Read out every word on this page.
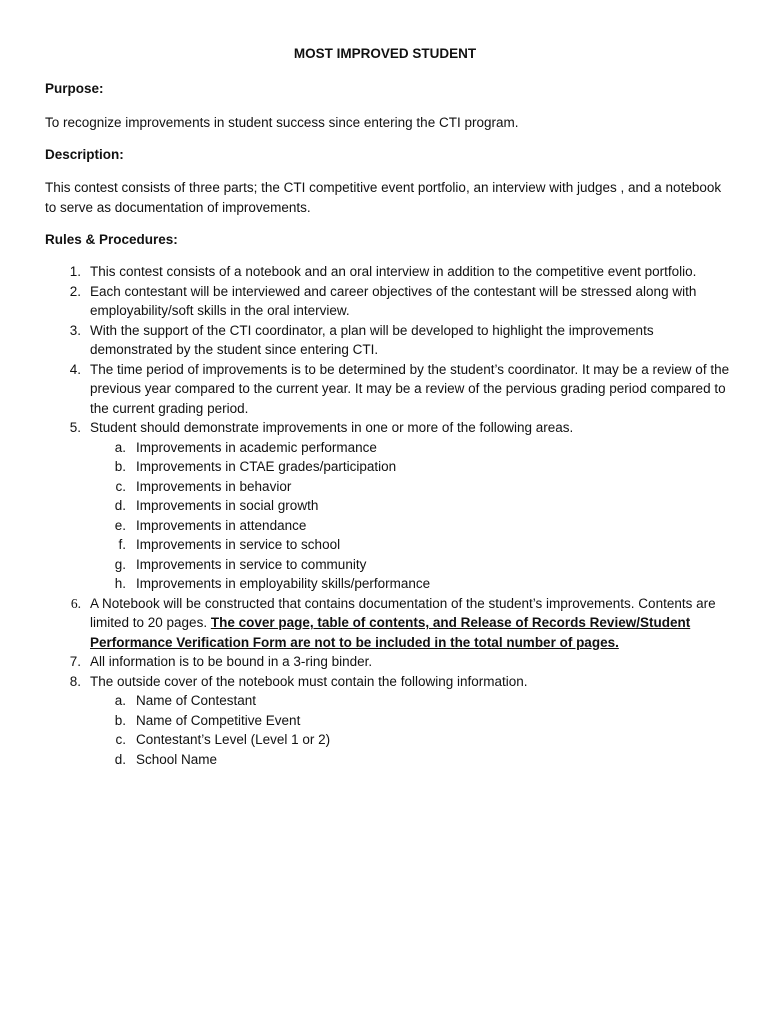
MOST IMPROVED STUDENT
Purpose:
To recognize improvements in student success since entering the CTI program.
Description:
This contest consists of three parts; the CTI competitive event portfolio, an interview with judges , and a notebook to serve as documentation of improvements.
Rules & Procedures:
1. This contest consists of a notebook and an oral interview in addition to the competitive event portfolio.
2. Each contestant will be interviewed and career objectives of the contestant will be stressed along with employability/soft skills in the oral interview.
3. With the support of the CTI coordinator, a plan will be developed to highlight the improvements demonstrated by the student since entering CTI.
4. The time period of improvements is to be determined by the student’s coordinator. It may be a review of the previous year compared to the current year. It may be a review of the pervious grading period compared to the current grading period.
5. Student should demonstrate improvements in one or more of the following areas.
a. Improvements in academic performance
b. Improvements in CTAE grades/participation
c. Improvements in behavior
d. Improvements in social growth
e. Improvements in attendance
f. Improvements in service to school
g. Improvements in service to community
h. Improvements in employability skills/performance
6. A Notebook will be constructed that contains documentation of the student’s improvements. Contents are limited to 20 pages. The cover page, table of contents, and Release of Records Review/Student Performance Verification Form are not to be included in the total number of pages.
7. All information is to be bound in a 3-ring binder.
8. The outside cover of the notebook must contain the following information.
a. Name of Contestant
b. Name of Competitive Event
c. Contestant’s Level (Level 1 or 2)
d. School Name
